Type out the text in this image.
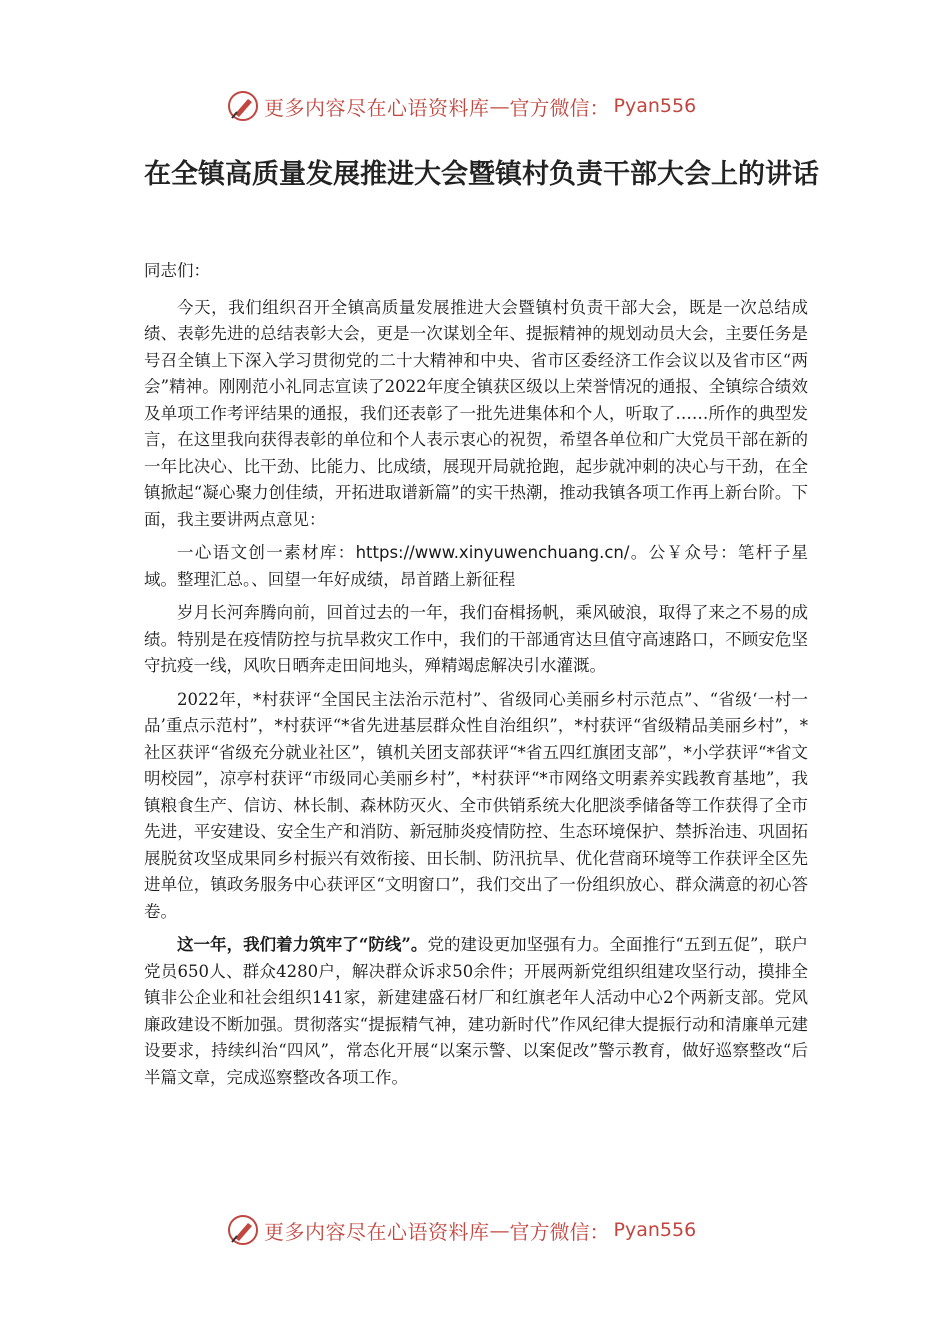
更多内容尽在心语资料库 — 官方微信： Pyan556
在全镇高质量发展推进大会暨镇村负责干部大会上的讲话

同志们：

今天，我们组织召开全镇高质量发展推进大会暨镇村负责干部大会，既是一次总结成绩、表彰先进的总结表彰大会，更是一次谋划全年、提振精神的规划动员大会，主要任务是号召全镇上下深入学习贯彻党的二十大精神和中央、省市区委经济工作会议以及省市区“两会”精神。刚刚范小礼同志宣读了2022年度全镇获区级以上荣誉情况的通报、全镇综合绩效及单项工作考评结果的通报，我们还表彰了一批先进集体和个人，听取了……所作的典型发言，在这里我向获得表彰的单位和个人表示衷心的祝贺，希望各单位和广大党员干部在新的一年比决心、比干劲、比能力、比成绩，展现开局就抢跑，起步就冲刺的决心与干劲，在全镇掀起“凝心聚力创佳绩，开拓进取谱新篇”的实干热潮，推动我镇各项工作再上新台阶。下面，我主要讲两点意见：

一心语文创一素材库：https://www.xinyuwenchuang.cn/。公￥众号：笔杆子星域。整理汇总。、回望一年好成绩，昂首踏上新征程

岁月长河奔腾向前，回首过去的一年，我们奋楫扬帆，乘风破浪，取得了来之不易的成绩。特别是在疫情防控与抗旱救灾工作中，我们的干部通宵达旦值守高速路口，不顾安危坚守抗疫一线，风吹日晒奔走田间地头，殚精竭虑解决引水灌溉。

2022年，*村获评“全国民主法治示范村”、省级同心美丽乡村示范点”、“省级‘一村一品’重点示范村”，*村获评“*省先进基层群众性自治组织”，*村获评“省级精品美丽乡村”，*社区获评“省级充分就业社区”，镇机关团支部获评“*省五四红旗团支部”，*小学获评“*省文明校园”，凉亭村获评“市级同心美丽乡村”，*村获评“*市网络文明素养实践教育基地”，我镇粮食生产、信访、林长制、森林防灭火、全市供销系统大化肥淡季储备等工作获得了全市先进，平安建设、安全生产和消防、新冠肺炎疫情防控、生态环境保护、禁拆治违、巩固拓展脱贫攻坚成果同乡村振兴有效衔接、田长制、防汛抗旱、优化营商环境等工作获评全区先进单位，镇政务服务中心获评区“文明窗口”，我们交出了一份组织放心、群众满意的初心答卷。

这一年，我们着力筑牢了“防线”。党的建设更加坚强有力。全面推行“五到五促”，联户党员650人、群众4280户，解决群众诉求50余件；开展两新党组织组建攻坚行动，摸排全镇非公企业和社会组织141家，新建建盛石材厂和红旗老年人活动中心2个两新支部。党风廉政建设不断加强。贯彻落实“提振精气神，建功新时代”作风纪律大提振行动和清廉单元建设要求，持续纠治“四风”，常态化开展“以案示警、以案促改”警示教育，做好巡察整改“后半篇文章，完成巡察整改各项工作。

更多内容尽在心语资料库 — 官方微信： Pyan556
